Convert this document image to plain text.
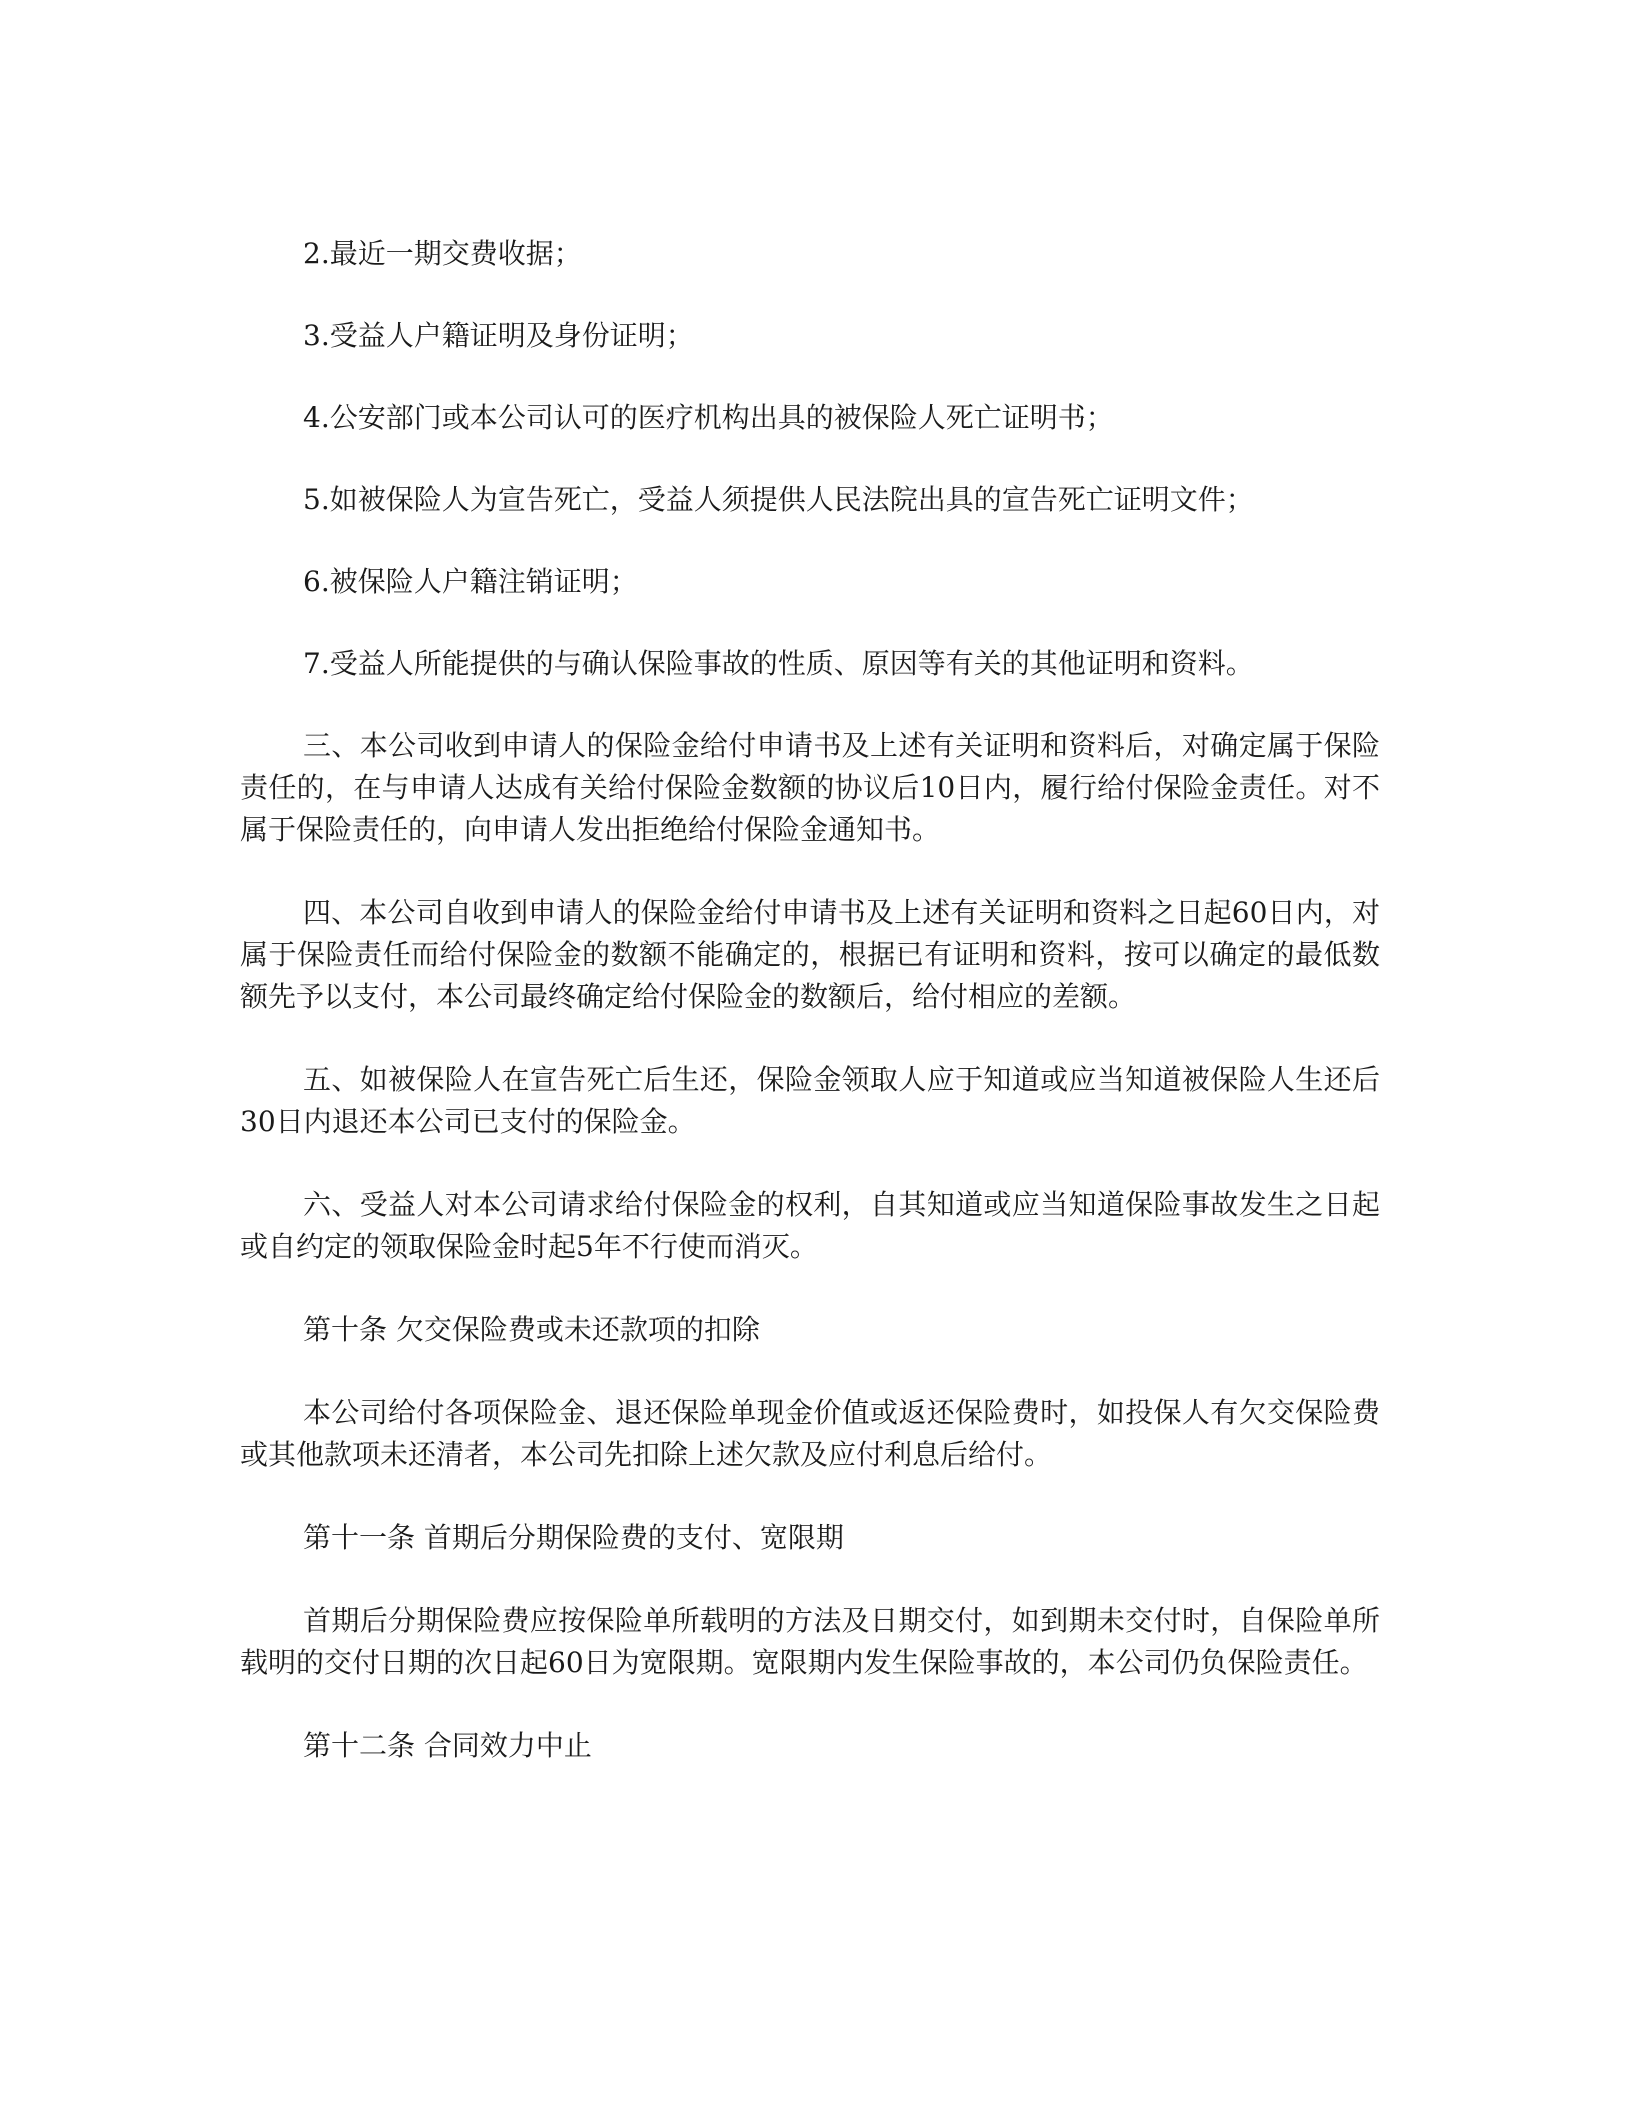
2.最近一期交费收据；

3.受益人户籍证明及身份证明；

4.公安部门或本公司认可的医疗机构出具的被保险人死亡证明书；

5.如被保险人为宣告死亡，受益人须提供人民法院出具的宣告死亡证明文件；

6.被保险人户籍注销证明；

7.受益人所能提供的与确认保险事故的性质、原因等有关的其他证明和资料。

三、本公司收到申请人的保险金给付申请书及上述有关证明和资料后，对确定属于保险责任的，在与申请人达成有关给付保险金数额的协议后10日内，履行给付保险金责任。对不属于保险责任的，向申请人发出拒绝给付保险金通知书。

四、本公司自收到申请人的保险金给付申请书及上述有关证明和资料之日起60日内，对属于保险责任而给付保险金的数额不能确定的，根据已有证明和资料，按可以确定的最低数额先予以支付，本公司最终确定给付保险金的数额后，给付相应的差额。

五、如被保险人在宣告死亡后生还，保险金领取人应于知道或应当知道被保险人生还后30日内退还本公司已支付的保险金。

六、受益人对本公司请求给付保险金的权利，自其知道或应当知道保险事故发生之日起或自约定的领取保险金时起5年不行使而消灭。

第十条 欠交保险费或未还款项的扣除

本公司给付各项保险金、退还保险单现金价值或返还保险费时，如投保人有欠交保险费或其他款项未还清者，本公司先扣除上述欠款及应付利息后给付。

第十一条 首期后分期保险费的支付、宽限期

首期后分期保险费应按保险单所载明的方法及日期交付，如到期未交付时，自保险单所载明的交付日期的次日起60日为宽限期。宽限期内发生保险事故的，本公司仍负保险责任。

第十二条 合同效力中止
